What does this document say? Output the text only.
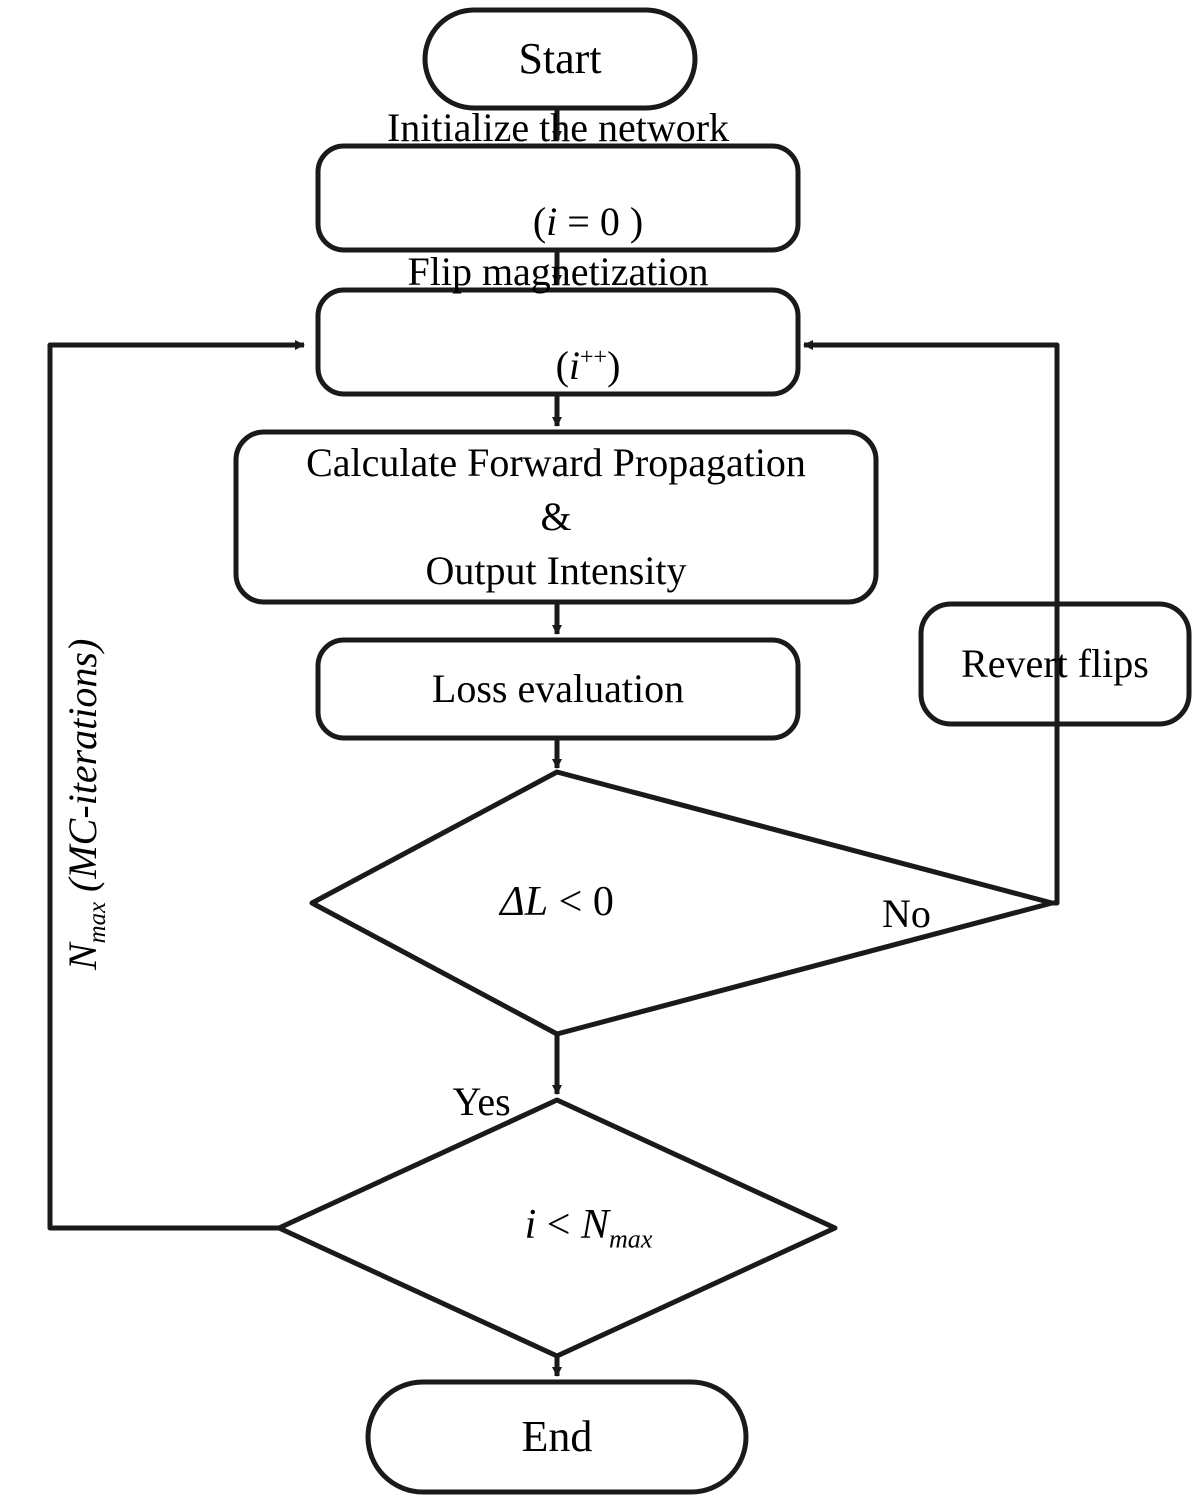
Start
Initialize the network

(i = 0 )

Flip magnetization

(i++)

Calculate Forward Propagation
&
Output Intensity
Loss evaluation
Revert flips
ΔL < 0

$i < N_{max}$

End

No

Yes

$N_{max}$ (MC-iterations)
